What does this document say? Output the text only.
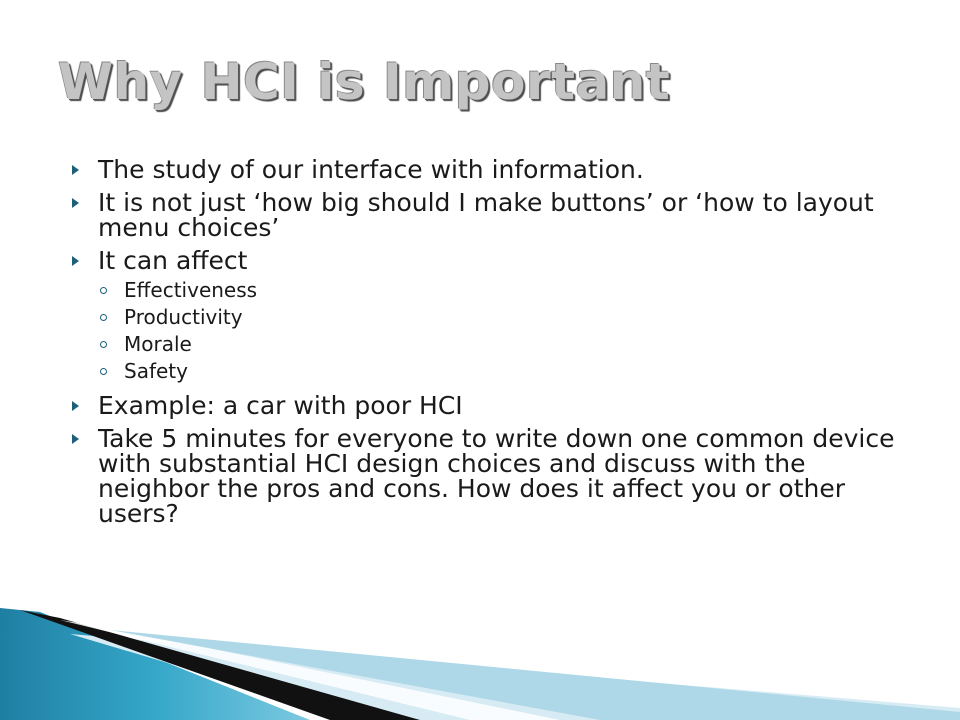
Why HCI is Important
The study of our interface with information.
It is not just ‘how big should I make buttons’ or ‘how to layout menu choices’
It can affect
Effectiveness
Productivity
Morale
Safety
Example: a car with poor HCI
Take 5 minutes for everyone to write down one common device with substantial HCI design choices and discuss with the neighbor the pros and cons. How does it affect you or other users?
